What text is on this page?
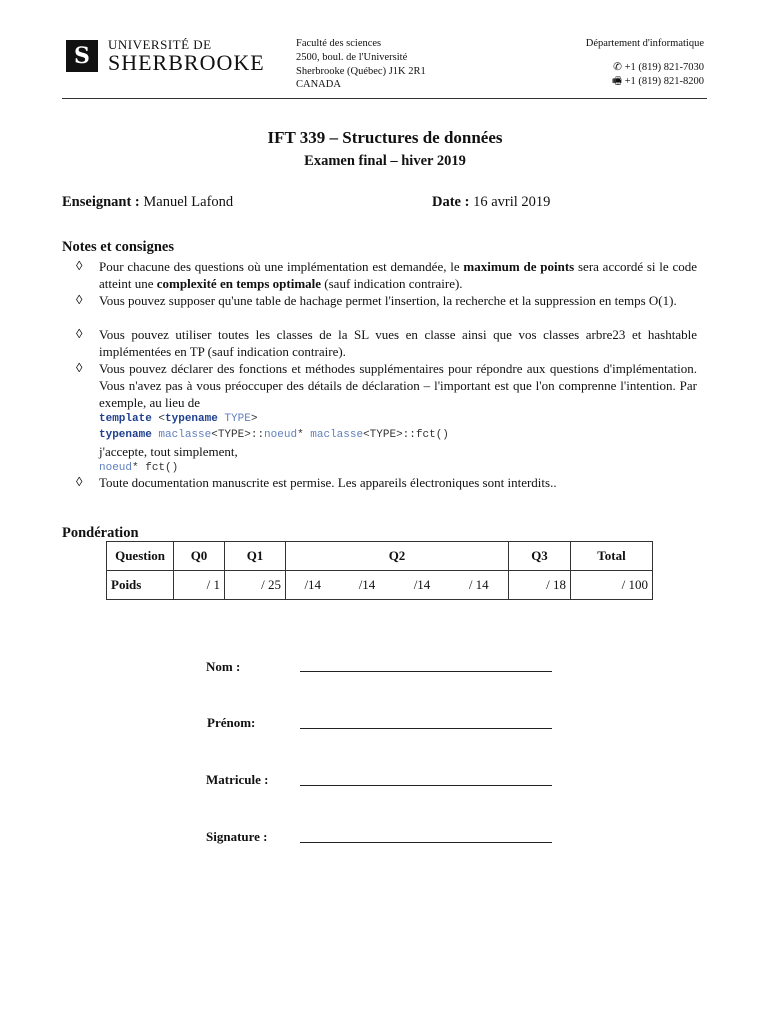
S	UNIVERSITÉ DE
SHERBROOKE
Faculté des sciences
2500, boul. de l'Université
Sherbrooke (Québec) J1K 2R1
CANADA
Département d'informatique
✆ +1 (819) 821-7030
🖷 +1 (819) 821-8200
IFT 339 – Structures de données
Examen final – hiver 2019
Enseignant : Manuel Lafond	Date : 16 avril 2019
Notes et consignes
◊ Pour chacune des questions où une implémentation est demandée, le maximum de points sera accordé si le code atteint une complexité en temps optimale (sauf indication contraire).
◊ Vous pouvez supposer qu'une table de hachage permet l'insertion, la recherche et la suppression en temps O(1).
◊ Vous pouvez utiliser toutes les classes de la SL vues en classe ainsi que vos classes arbre23 et hashtable implémentées en TP (sauf indication contraire).
◊ Vous pouvez déclarer des fonctions et méthodes supplémentaires pour répondre aux questions d'implémentation. Vous n'avez pas à vous préoccuper des détails de déclaration – l'important est que l'on comprenne l'intention. Par exemple, au lieu de
template <typename TYPE>
typename maclasse<TYPE>::noeud* maclasse<TYPE>::fct()
j'accepte, tout simplement,
noeud* fct()
◊ Toute documentation manuscrite est permise. Les appareils électroniques sont interdits..
Pondération
Question	Q0	Q1	Q2				Q3	Total
Poids	/ 1	/ 25	/14	/14	/14	/ 14	/ 18	/ 100
Nom :
Prénom:
Matricule :
Signature :
